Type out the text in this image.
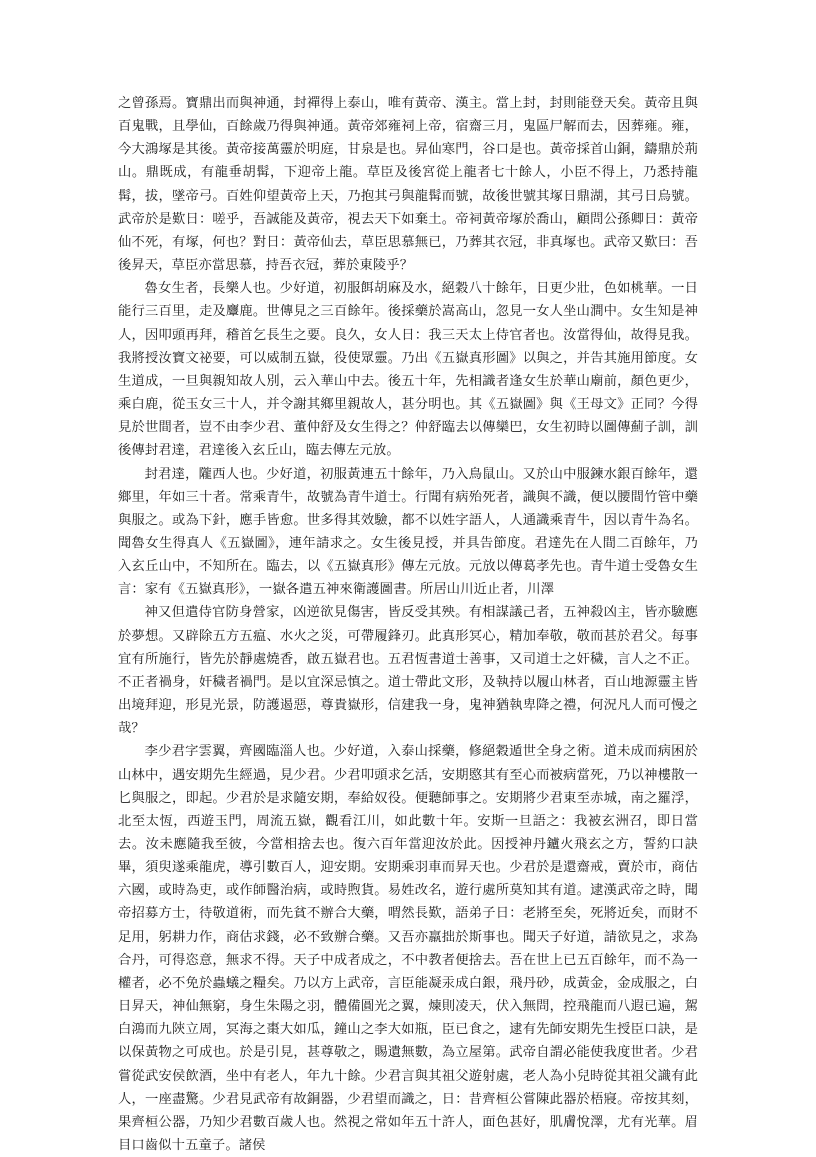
之曾孫焉。寶鼎出而與神通，封禪得上泰山，唯有黃帝、漢主。當上封，封則能登天矣。黃帝且與百鬼戰，且學仙，百餘歲乃得與神通。黃帝郊雍祠上帝，宿齋三月，鬼區尸解而去，因葬雍。雍，今大鴻塚是其後。黃帝接萬靈於明庭，甘泉是也。昇仙寒門，谷口是也。黃帝採首山銅，鑄鼎於荊山。鼎既成，有龍垂胡髯，下迎帝上龍。草臣及後宮從上龍者七十餘人，小臣不得上，乃悉持龍髯，拔，墜帝弓。百姓仰望黃帝上天，乃抱其弓與龍髯而號，故後世號其塚日鼎湖，其弓日烏號。武帝於是歎日：嗟乎，吾誠能及黃帝，視去天下如棄土。帝祠黃帝塚於喬山，顧問公孫卿日：黃帝仙不死，有塚，何也？對日：黃帝仙去，草臣思慕無已，乃葬其衣冠，非真塚也。武帝又歎曰：吾後昇天，草臣亦當思慕，持吾衣冠，葬於東陵乎？

魯女生者，長樂人也。少好道，初服餌胡麻及水，絕穀八十餘年，日更少壯，色如桃華。一日能行三百里，走及麞鹿。世傳見之三百餘年。後採藥於嵩高山，忽見一女人坐山澗中。女生知是神人，因叩頭再拜，稽首乞長生之要。良久，女人日：我三天太上侍官者也。汝當得仙，故得見我。我將授汝寶文祕要，可以威制五嶽，役使眾靈。乃出《五嶽真形圖》以與之，并告其施用節度。女生道成，一旦與親知故人別，云入華山中去。後五十年，先相識者逢女生於華山廟前，顏色更少，乘白鹿，從玉女三十人，并令謝其鄉里親故人，甚分明也。其《五嶽圖》與《王母文》正同？今得見於世間者，豈不由李少君、董仲舒及女生得之？仲舒臨去以傳欒巴，女生初時以圖傳薊子訓，訓後傳封君達，君達後入玄丘山，臨去傳左元放。

封君達，隴西人也。少好道，初服黃連五十餘年，乃入鳥鼠山。又於山中服鍊水銀百餘年，還鄉里，年如三十者。常乘青牛，故號為青牛道士。行聞有病殆死者，識與不識，便以腰間竹管中藥與服之。或為下針，應手皆愈。世多得其效驗，都不以姓字語人，人通識乘青牛，因以青牛為名。聞魯女生得真人《五嶽圖》，連年請求之。女生後見授，并具告節度。君達先在人間二百餘年，乃入玄丘山中，不知所在。臨去，以《五嶽真形》傳左元放。元放以傳葛孝先也。青牛道士受魯女生言：家有《五嶽真形》，一嶽各遣五神來衛護圖書。所居山川近止者，川澤

神又但遣侍官防身營家，凶逆欲見傷害，皆反受其殃。有相謀議己者，五神殺凶主，皆亦驗應於夢想。又辟除五方五瘟、水火之災，可帶履鋒刃。此真形冥心，精加奉敬，敬而甚於君父。每事宜有所施行，皆先於靜處燒香，啟五嶽君也。五君恆書道士善事，又司道士之奸穢，言人之不正。不正者禍身，奸穢者禍門。是以宜深忌慎之。道士帶此文形，及執持以履山林者，百山地源靈主皆出境拜迎，形見光景，防護遏惡，尊貴嶽形，信建我一身，鬼神猶執卑降之禮，何況凡人而可慢之哉？

李少君字雲翼，齊國臨淄人也。少好道，入泰山採藥，修絕穀遁世全身之術。道未成而病困於山林中，遇安期先生經過，見少君。少君叩頭求乞活，安期愍其有至心而被病當死，乃以神樓散一匕與服之，即起。少君於是求隨安期，奉給奴役。便聽師事之。安期將少君東至赤城，南之羅浮，北至太恆，西遊玉門，周流五嶽，觀看江川，如此數十年。安斯一旦語之：我被玄洲召，即日當去。汝未應隨我至彼，今當相捨去也。復六百年當迎汝於此。因授神丹鑪火飛玄之方，誓約口訣畢，須臾遂乘龍虎，導引數百人，迎安期。安期乘羽車而昇天也。少君於是還齋戒，賣於市，商估六國，或時為吏，或作師醫治病，或時煦貨。易姓改名，遊行處所莫知其有道。逮漢武帝之時，聞帝招募方士，待敬道術，而先貧不辦合大藥，喟然長歎，語弟子日：老將至矣，死將近矣，而財不足用，躬耕力作，商估求錢，必不致辦合藥。又吾亦羸拙於斯事也。聞天子好道，請欲見之，求為合丹，可得恣意，無求不得。天子中成者成之，不中教者便捨去。吾在世上已五百餘年，而不為一權者，必不免於蟲蟻之糧矣。乃以方上武帝，言臣能凝汞成白銀，飛丹砂，成黃金，金成服之，白日昇天，神仙無窮，身生朱陽之羽，體備圓光之翼，煉則凌天，伏入無問，控飛龍而八遐已遍，駕白鴻而九陝立周，冥海之棗大如瓜，鐘山之李大如瓶，臣已食之，逮有先師安期先生授臣口訣，是以保黃物之可成也。於是引見，甚尊敬之，賜遺無數，為立屋第。武帝自謂必能使我度世者。少君嘗從武安侯飲酒，坐中有老人，年九十餘。少君言與其祖父遊射處，老人為小兒時從其祖父識有此人，一座盡驚。少君見武帝有故銅器，少君望而識之，日：昔齊桓公嘗陳此器於梧寢。帝按其刻，果齊桓公器，乃知少君數百歲人也。然視之常如年五十許人，面色甚好，肌膚悅澤，尤有光華。眉目口齒似十五童子。諸侯
